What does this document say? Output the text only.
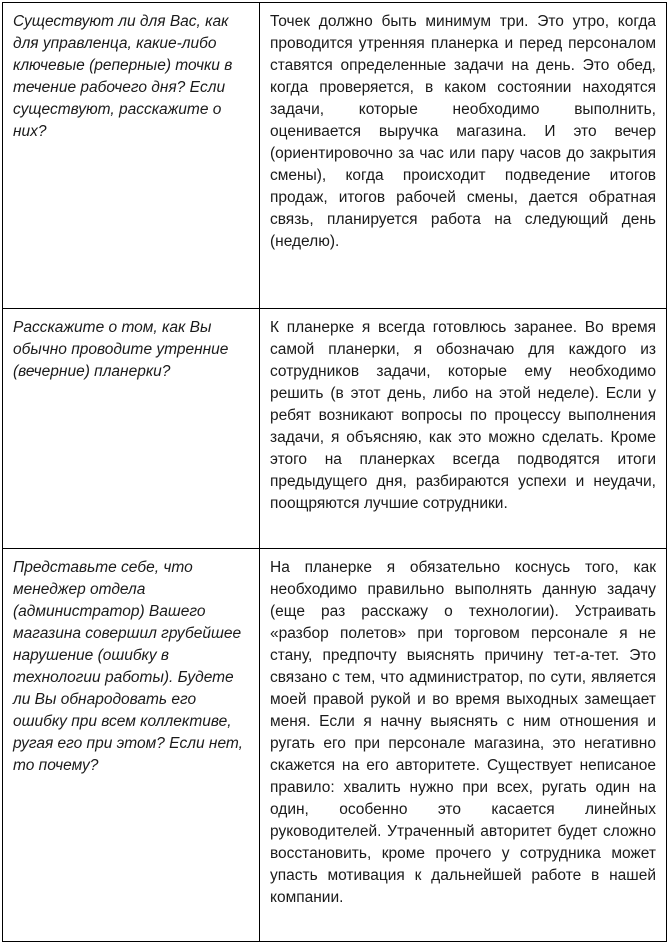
Существуют ли для Вас, как для управленца, какие-либо ключевые (реперные) точки в течение рабочего дня? Если существуют, расскажите о них?	Точек должно быть минимум три. Это утро, когда проводится утренняя планерка и перед персоналом ставятся определенные задачи на день. Это обед, когда проверяется, в каком состоянии находятся задачи, которые необходимо выполнить, оценивается выручка магазина. И это вечер (ориентировочно за час или пару часов до закрытия смены), когда происходит подведение итогов продаж, итогов рабочей смены, дается обратная связь, планируется работа на следующий день (неделю).
Расскажите о том, как Вы обычно проводите утренние (вечерние) планерки?	К планерке я всегда готовлюсь заранее. Во время самой планерки, я обозначаю для каждого из сотрудников задачи, которые ему необходимо решить (в этот день, либо на этой неделе). Если у ребят возникают вопросы по процессу выполнения задачи, я объясняю, как это можно сделать. Кроме этого на планерках всегда подводятся итоги предыдущего дня, разбираются успехи и неудачи, поощряются лучшие сотрудники.
Представьте себе, что менеджер отдела (администратор) Вашего магазина совершил грубейшее нарушение (ошибку в технологии работы). Будете ли Вы обнародовать его ошибку при всем коллективе, ругая его при этом? Если нет, то почему?	На планерке я обязательно коснусь того, как необходимо правильно выполнять данную задачу (еще раз расскажу о технологии). Устраивать «разбор полетов» при торговом персонале я не стану, предпочту выяснять причину тет-а-тет. Это связано с тем, что администратор, по сути, является моей правой рукой и во время выходных замещает меня. Если я начну выяснять с ним отношения и ругать его при персонале магазина, это негативно скажется на его авторитете. Существует неписаное правило: хвалить нужно при всех, ругать один на один, особенно это касается линейных руководителей. Утраченный авторитет будет сложно восстановить, кроме прочего у сотрудника может упасть мотивация к дальнейшей работе в нашей компании.
